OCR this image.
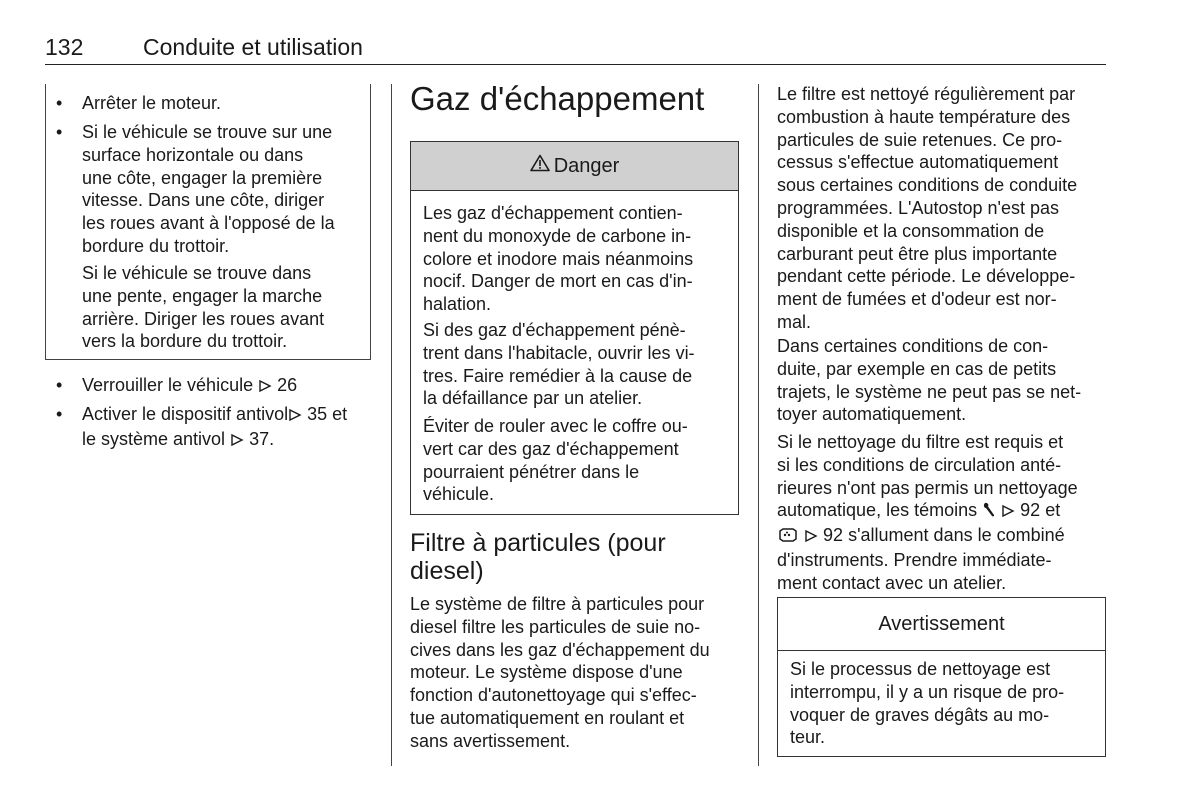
132	Conduite et utilisation
• Arrêter le moteur.
• Si le véhicule se trouve sur une
surface horizontale ou dans
une côte, engager la première
vitesse. Dans une côte, diriger
les roues avant à l'opposé de la
bordure du trottoir.
Si le véhicule se trouve dans
une pente, engager la marche
arrière. Diriger les roues avant
vers la bordure du trottoir.
• Verrouiller le véhicule 26
• Activer le dispositif antivol 35 et
le système antivol 37.
Gaz d'échappement
Danger
Les gaz d'échappement contien-
nent du monoxyde de carbone in-
colore et inodore mais néanmoins
nocif. Danger de mort en cas d'in-
halation.
Si des gaz d'échappement pénè-
trent dans l'habitacle, ouvrir les vi-
tres. Faire remédier à la cause de
la défaillance par un atelier.
Éviter de rouler avec le coffre ou-
vert car des gaz d'échappement
pourraient pénétrer dans le
véhicule.
Filtre à particules (pour
diesel)
Le système de filtre à particules pour
diesel filtre les particules de suie no-
cives dans les gaz d'échappement du
moteur. Le système dispose d'une
fonction d'autonettoyage qui s'effec-
tue automatiquement en roulant et
sans avertissement.
Le filtre est nettoyé régulièrement par
combustion à haute température des
particules de suie retenues. Ce pro-
cessus s'effectue automatiquement
sous certaines conditions de conduite
programmées. L'Autostop n'est pas
disponible et la consommation de
carburant peut être plus importante
pendant cette période. Le développe-
ment de fumées et d'odeur est nor-
mal.
Dans certaines conditions de con-
duite, par exemple en cas de petits
trajets, le système ne peut pas se net-
toyer automatiquement.
Si le nettoyage du filtre est requis et
si les conditions de circulation anté-
rieures n'ont pas permis un nettoyage
automatique, les témoins 92 et
92 s'allument dans le combiné
d'instruments. Prendre immédiate-
ment contact avec un atelier.
Avertissement
Si le processus de nettoyage est
interrompu, il y a un risque de pro-
voquer de graves dégâts au mo-
teur.
